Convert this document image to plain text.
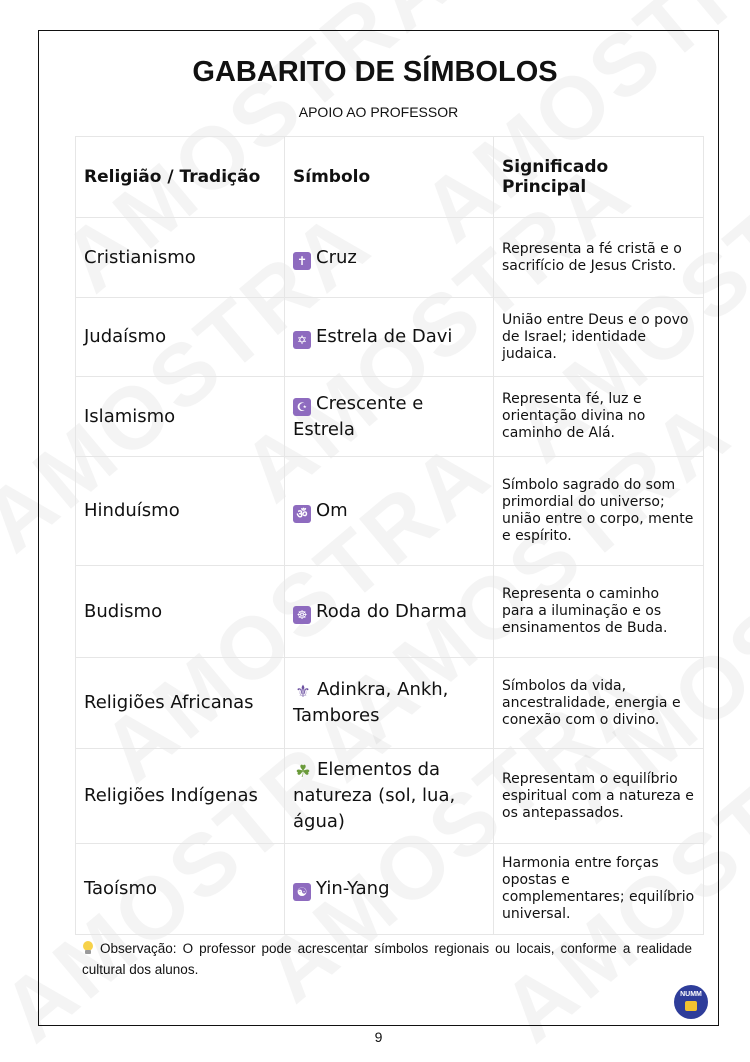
GABARITO DE SÍMBOLOS
APOIO AO PROFESSOR
Religião / Tradição	Símbolo	Significado Principal
Cristianismo	✝ Cruz	Representa a fé cristã e o sacrifício de Jesus Cristo.
Judaísmo	✡ Estrela de Davi	União entre Deus e o povo de Israel; identidade judaica.
Islamismo	☪ Crescente e Estrela	Representa fé, luz e orientação divina no caminho de Alá.
Hinduísmo	ॐ Om	Símbolo sagrado do som primordial do universo; união entre o corpo, mente e espírito.
Budismo	☸ Roda do Dharma	Representa o caminho para a iluminação e os ensinamentos de Buda.
Religiões Africanas	⚜ Adinkra, Ankh, Tambores	Símbolos da vida, ancestralidade, energia e conexão com o divino.
Religiões Indígenas	☘ Elementos da natureza (sol, lua, água)	Representam o equilíbrio espiritual com a natureza e os antepassados.
Taoísmo	☯ Yin-Yang	Harmonia entre forças opostas e complementares; equilíbrio universal.
Observação: O professor pode acrescentar símbolos regionais ou locais, conforme a realidade cultural dos alunos.
NUMM
9
